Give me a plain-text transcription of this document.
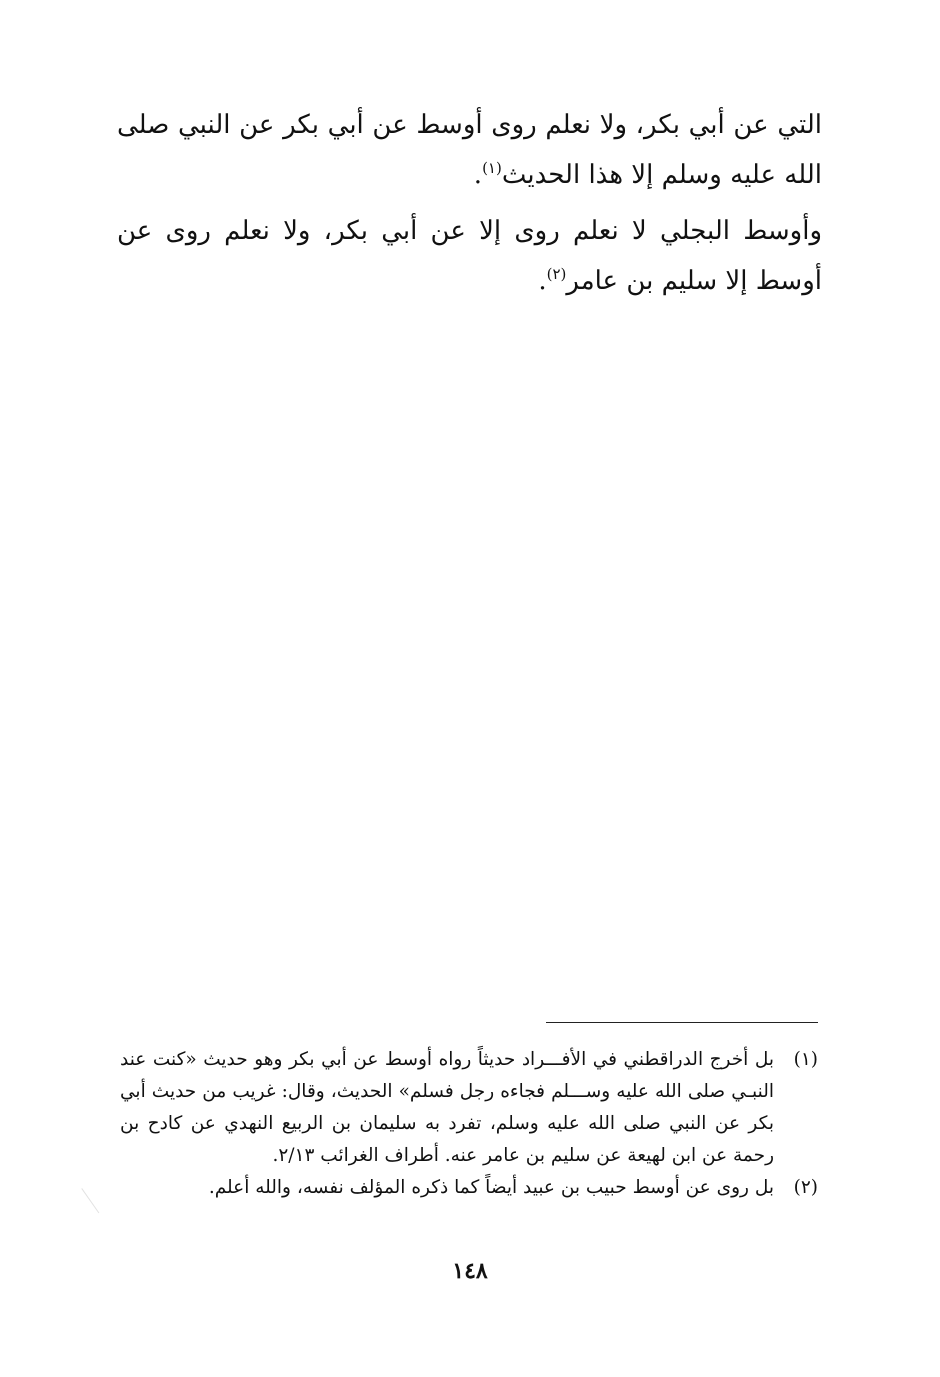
التي عن أبي بكر، ولا نعلم روى أوسط عن أبي بكر عن النبي صلى الله عليه وسلم إلا هذا الحديث$^{(١)}$.

وأوسط البجلي لا نعلم روى إلا عن أبي بكر، ولا نعلم روى عن أوسط إلا سليم بن عامر$^{(٢)}$.

(١)
بل أخرج الدراقطني في الأفـــراد حديثاً رواه أوسط عن أبي بكر وهو حديث «كنت عند النبـي صلى الله عليه وســـلم فجاءه رجل فسلم» الحديث، وقال: غريب من حديث أبي بكر عن النبي صلى الله عليه وسلم، تفرد به سليمان بن الربيع النهدي عن كادح بن رحمة عن ابن لهيعة عن سليم بن عامر عنه. أطراف الغرائب ٢/١٣.
(٢)
بل روى عن أوسط حبيب بن عبيد أيضاً كما ذكره المؤلف نفسه، والله أعلم.
١٤٨
